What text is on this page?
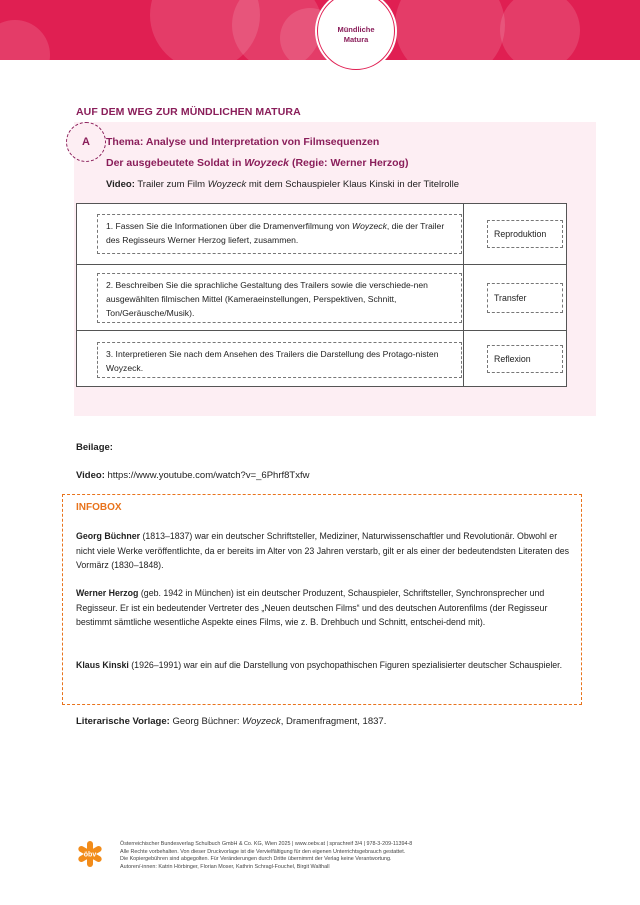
Mündliche
Matura
AUF DEM WEG ZUR MÜNDLICHEN MATURA
A Thema: Analyse und Interpretation von Filmsequenzen
Der ausgebeutete Soldat in Woyzeck (Regie: Werner Herzog)
Video: Trailer zum Film Woyzeck mit dem Schauspieler Klaus Kinski in der Titelrolle
1. Fassen Sie die Informationen über die Dramenverfilmung von Woyzeck, die der Trailer des Regisseurs Werner Herzog liefert, zusammen.
Reproduktion
2. Beschreiben Sie die sprachliche Gestaltung des Trailers sowie die verschiede-nen ausgewählten filmischen Mittel (Kameraeinstellungen, Perspektiven, Schnitt, Ton/Geräusche/Musik).
Transfer
3. Interpretieren Sie nach dem Ansehen des Trailers die Darstellung des Protago-nisten Woyzeck.
Reflexion
Beilage:
Video: https://www.youtube.com/watch?v=_6Phrf8Txfw
INFOBOX
Georg Büchner (1813–1837) war ein deutscher Schriftsteller, Mediziner, Naturwissenschaftler und Revolutionär. Obwohl er nicht viele Werke veröffentlichte, da er bereits im Alter von 23 Jahren verstarb, gilt er als einer der bedeutendsten Literaten des Vormärz (1830–1848).
Werner Herzog (geb. 1942 in München) ist ein deutscher Produzent, Schauspieler, Schriftsteller, Synchronsprecher und Regisseur. Er ist ein bedeutender Vertreter des „Neuen deutschen Films“ und des deutschen Autorenfilms (der Regisseur bestimmt sämtliche wesentliche Aspekte eines Films, wie z. B. Drehbuch und Schnitt, entschei-dend mit).
Klaus Kinski (1926–1991) war ein auf die Darstellung von psychopathischen Figuren spezialisierter deutscher Schauspieler.
Literarische Vorlage: Georg Büchner: Woyzeck, Dramenfragment, 1837.
öbv
Österreichischer Bundesverlag Schulbuch GmbH & Co. KG, Wien 2025 | www.oebv.at | sprachreif 3/4 | 978-3-209-11394-8
Alle Rechte vorbehalten. Von dieser Druckvorlage ist die Vervielfältigung für den eigenen Unterrichtsgebrauch gestattet.
Die Kopiergebühren sind abgegolten. Für Veränderungen durch Dritte übernimmt der Verlag keine Verantwortung.
Autoren/-innen: Katrin Hörbinger, Florian Moser, Kathrin Schragl-Fouchel, Birgit Walthall
